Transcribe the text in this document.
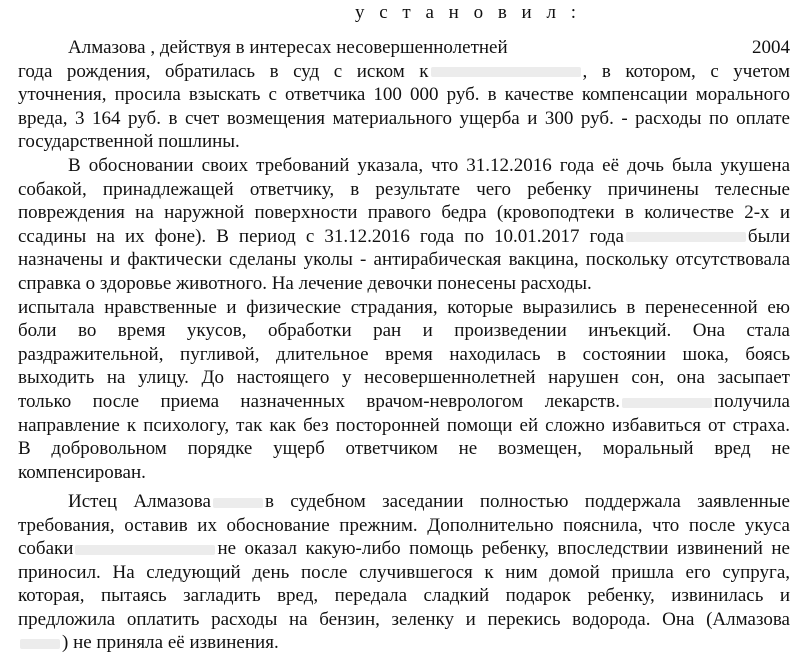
у с т а н о в и л :
Алмазова , действуя в интересах несовершеннолетней	2004
года рождения, обратилась в суд с иском к	, в котором, с учетом
уточнения, просила взыскать с ответчика 100 000 руб. в качестве компенсации морального
вреда, 3 164 руб. в счет возмещения материального ущерба и 300 руб. - расходы по оплате
государственной пошлины.
В обосновании своих требований указала, что 31.12.2016 года её дочь была укушена
собакой, принадлежащей ответчику, в результате чего ребенку причинены телесные
повреждения на наружной поверхности правого бедра (кровоподтеки в количестве 2-х и
ссадины на их фоне). В период с 31.12.2016 года по 10.01.2017 года	были
назначены и фактически сделаны уколы - антирабическая вакцина, поскольку отсутствовала
справка о здоровье животного. На лечение девочки понесены расходы.
испытала нравственные и физические страдания, которые выразились в перенесенной ею
боли во время укусов, обработки ран и произведении инъекций. Она стала
раздражительной, пугливой, длительное время находилась в состоянии шока, боясь
выходить на улицу. До настоящего у несовершеннолетней нарушен сон, она засыпает
только после приема назначенных врачом-неврологом лекарств.	получила
направление к психологу, так как без посторонней помощи ей сложно избавиться от страха.
В добровольном порядке ущерб ответчиком не возмещен, моральный вред не
компенсирован.
Истец Алмазова	в судебном заседании полностью поддержала заявленные
требования, оставив их обоснование прежним. Дополнительно пояснила, что после укуса
собаки	не оказал какую-либо помощь ребенку, впоследствии извинений не
приносил. На следующий день после случившегося к ним домой пришла его супруга,
которая, пытаясь загладить вред, передала сладкий подарок ребенку, извинилась и
предложила оплатить расходы на бензин, зеленку и перекись водорода. Она (Алмазова
) не приняла её извинения.
